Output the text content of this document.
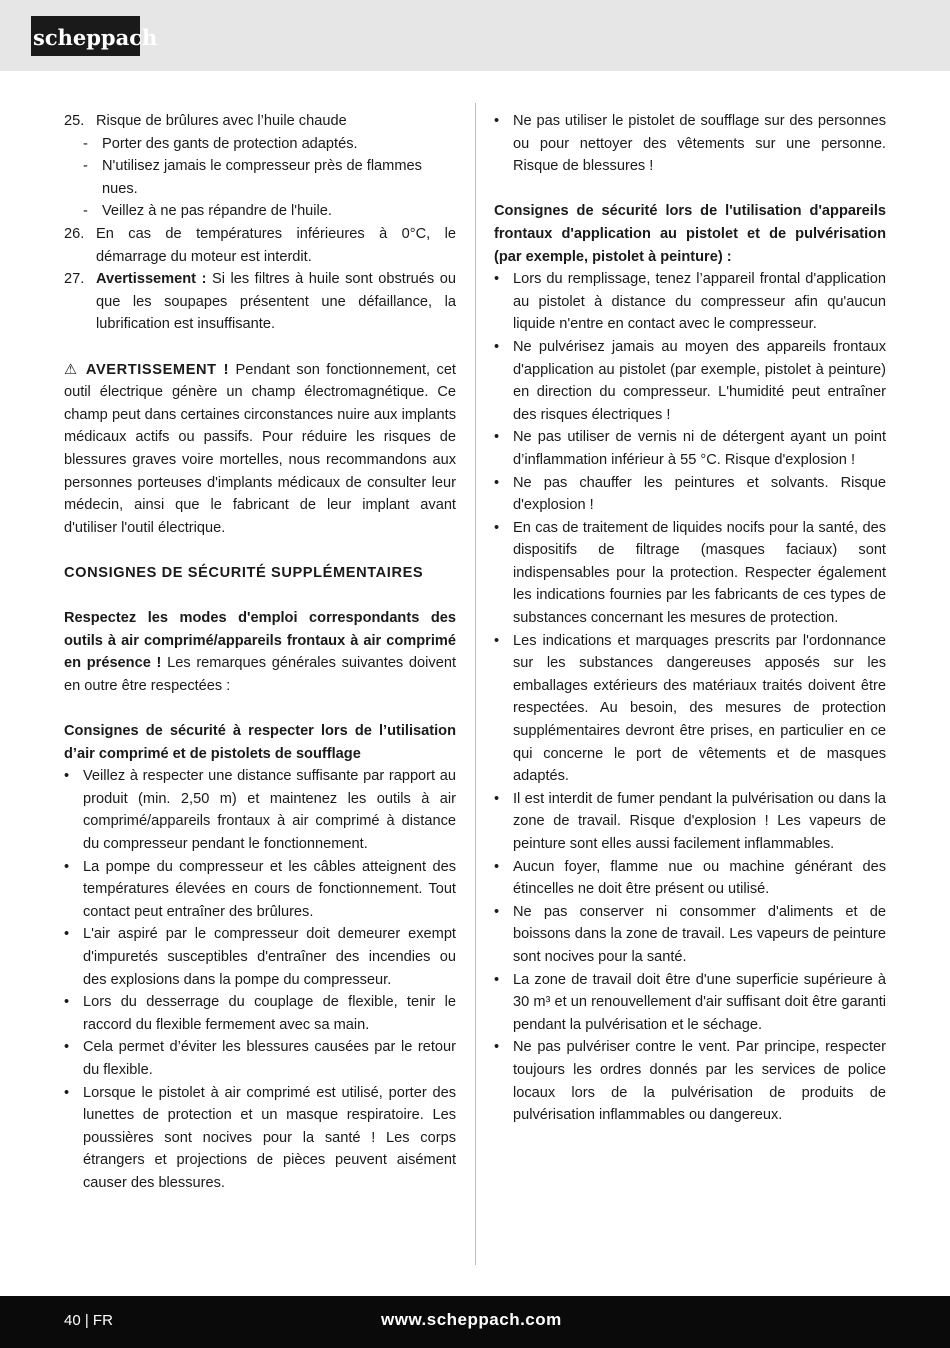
scheppach
25. Risque de brûlures avec l’huile chaude
- Porter des gants de protection adaptés.
- N'utilisez jamais le compresseur près de flammes nues.
- Veillez à ne pas répandre de l'huile.
26. En cas de températures inférieures à 0°C, le démarrage du moteur est interdit.
27. Avertissement : Si les filtres à huile sont obstrués ou que les soupapes présentent une défaillance, la lubrification est insuffisante.

⚠ AVERTISSEMENT ! Pendant son fonctionnement, cet outil électrique génère un champ électromagnétique. Ce champ peut dans certaines circonstances nuire aux implants médicaux actifs ou passifs. Pour réduire les risques de blessures graves voire mortelles, nous recommandons aux personnes porteuses d'implants médicaux de consulter leur médecin, ainsi que le fabricant de leur implant avant d'utiliser l'outil électrique.

CONSIGNES DE SÉCURITÉ SUPPLÉMENTAIRES

Respectez les modes d'emploi correspondants des outils à air comprimé/appareils frontaux à air comprimé en présence ! Les remarques générales suivantes doivent en outre être respectées :

Consignes de sécurité à respecter lors de l’utilisation d’air comprimé et de pistolets de soufflage
• Veillez à respecter une distance suffisante par rapport au produit (min. 2,50 m) et maintenez les outils à air comprimé/appareils frontaux à air comprimé à distance du compresseur pendant le fonctionnement.
• La pompe du compresseur et les câbles atteignent des températures élevées en cours de fonctionnement. Tout contact peut entraîner des brûlures.
• L'air aspiré par le compresseur doit demeurer exempt d'impuretés susceptibles d'entraîner des incendies ou des explosions dans la pompe du compresseur.
• Lors du desserrage du couplage de flexible, tenir le raccord du flexible fermement avec sa main.
• Cela permet d’éviter les blessures causées par le retour du flexible.
• Lorsque le pistolet à air comprimé est utilisé, porter des lunettes de protection et un masque respiratoire. Les poussières sont nocives pour la santé ! Les corps étrangers et projections de pièces peuvent aisément causer des blessures.
• Ne pas utiliser le pistolet de soufflage sur des personnes ou pour nettoyer des vêtements sur une personne. Risque de blessures !
Consignes de sécurité lors de l'utilisation d'appareils frontaux d'application au pistolet et de pulvérisation (par exemple, pistolet à peinture) :
• Lors du remplissage, tenez l’appareil frontal d'application au pistolet à distance du compresseur afin qu'aucun liquide n'entre en contact avec le compresseur.
• Ne pulvérisez jamais au moyen des appareils frontaux d'application au pistolet (par exemple, pistolet à peinture) en direction du compresseur. L'humidité peut entraîner des risques électriques !
• Ne pas utiliser de vernis ni de détergent ayant un point d’inflammation inférieur à 55 °C. Risque d'explosion !
• Ne pas chauffer les peintures et solvants. Risque d'explosion !
• En cas de traitement de liquides nocifs pour la santé, des dispositifs de filtrage (masques faciaux) sont indispensables pour la protection. Respecter également les indications fournies par les fabricants de ces types de substances concernant les mesures de protection.
• Les indications et marquages prescrits par l'ordonnance sur les substances dangereuses apposés sur les emballages extérieurs des matériaux traités doivent être respectées. Au besoin, des mesures de protection supplémentaires devront être prises, en particulier en ce qui concerne le port de vêtements et de masques adaptés.
• Il est interdit de fumer pendant la pulvérisation ou dans la zone de travail. Risque d'explosion ! Les vapeurs de peinture sont elles aussi facilement inflammables.
• Aucun foyer, flamme nue ou machine générant des étincelles ne doit être présent ou utilisé.
• Ne pas conserver ni consommer d'aliments et de boissons dans la zone de travail. Les vapeurs de peinture sont nocives pour la santé.
• La zone de travail doit être d'une superficie supérieure à 30 m³ et un renouvellement d'air suffisant doit être garanti pendant la pulvérisation et le séchage.
• Ne pas pulvériser contre le vent. Par principe, respecter toujours les ordres donnés par les services de police locaux lors de la pulvérisation de produits de pulvérisation inflammables ou dangereux.
40 | FR	www.scheppach.com
